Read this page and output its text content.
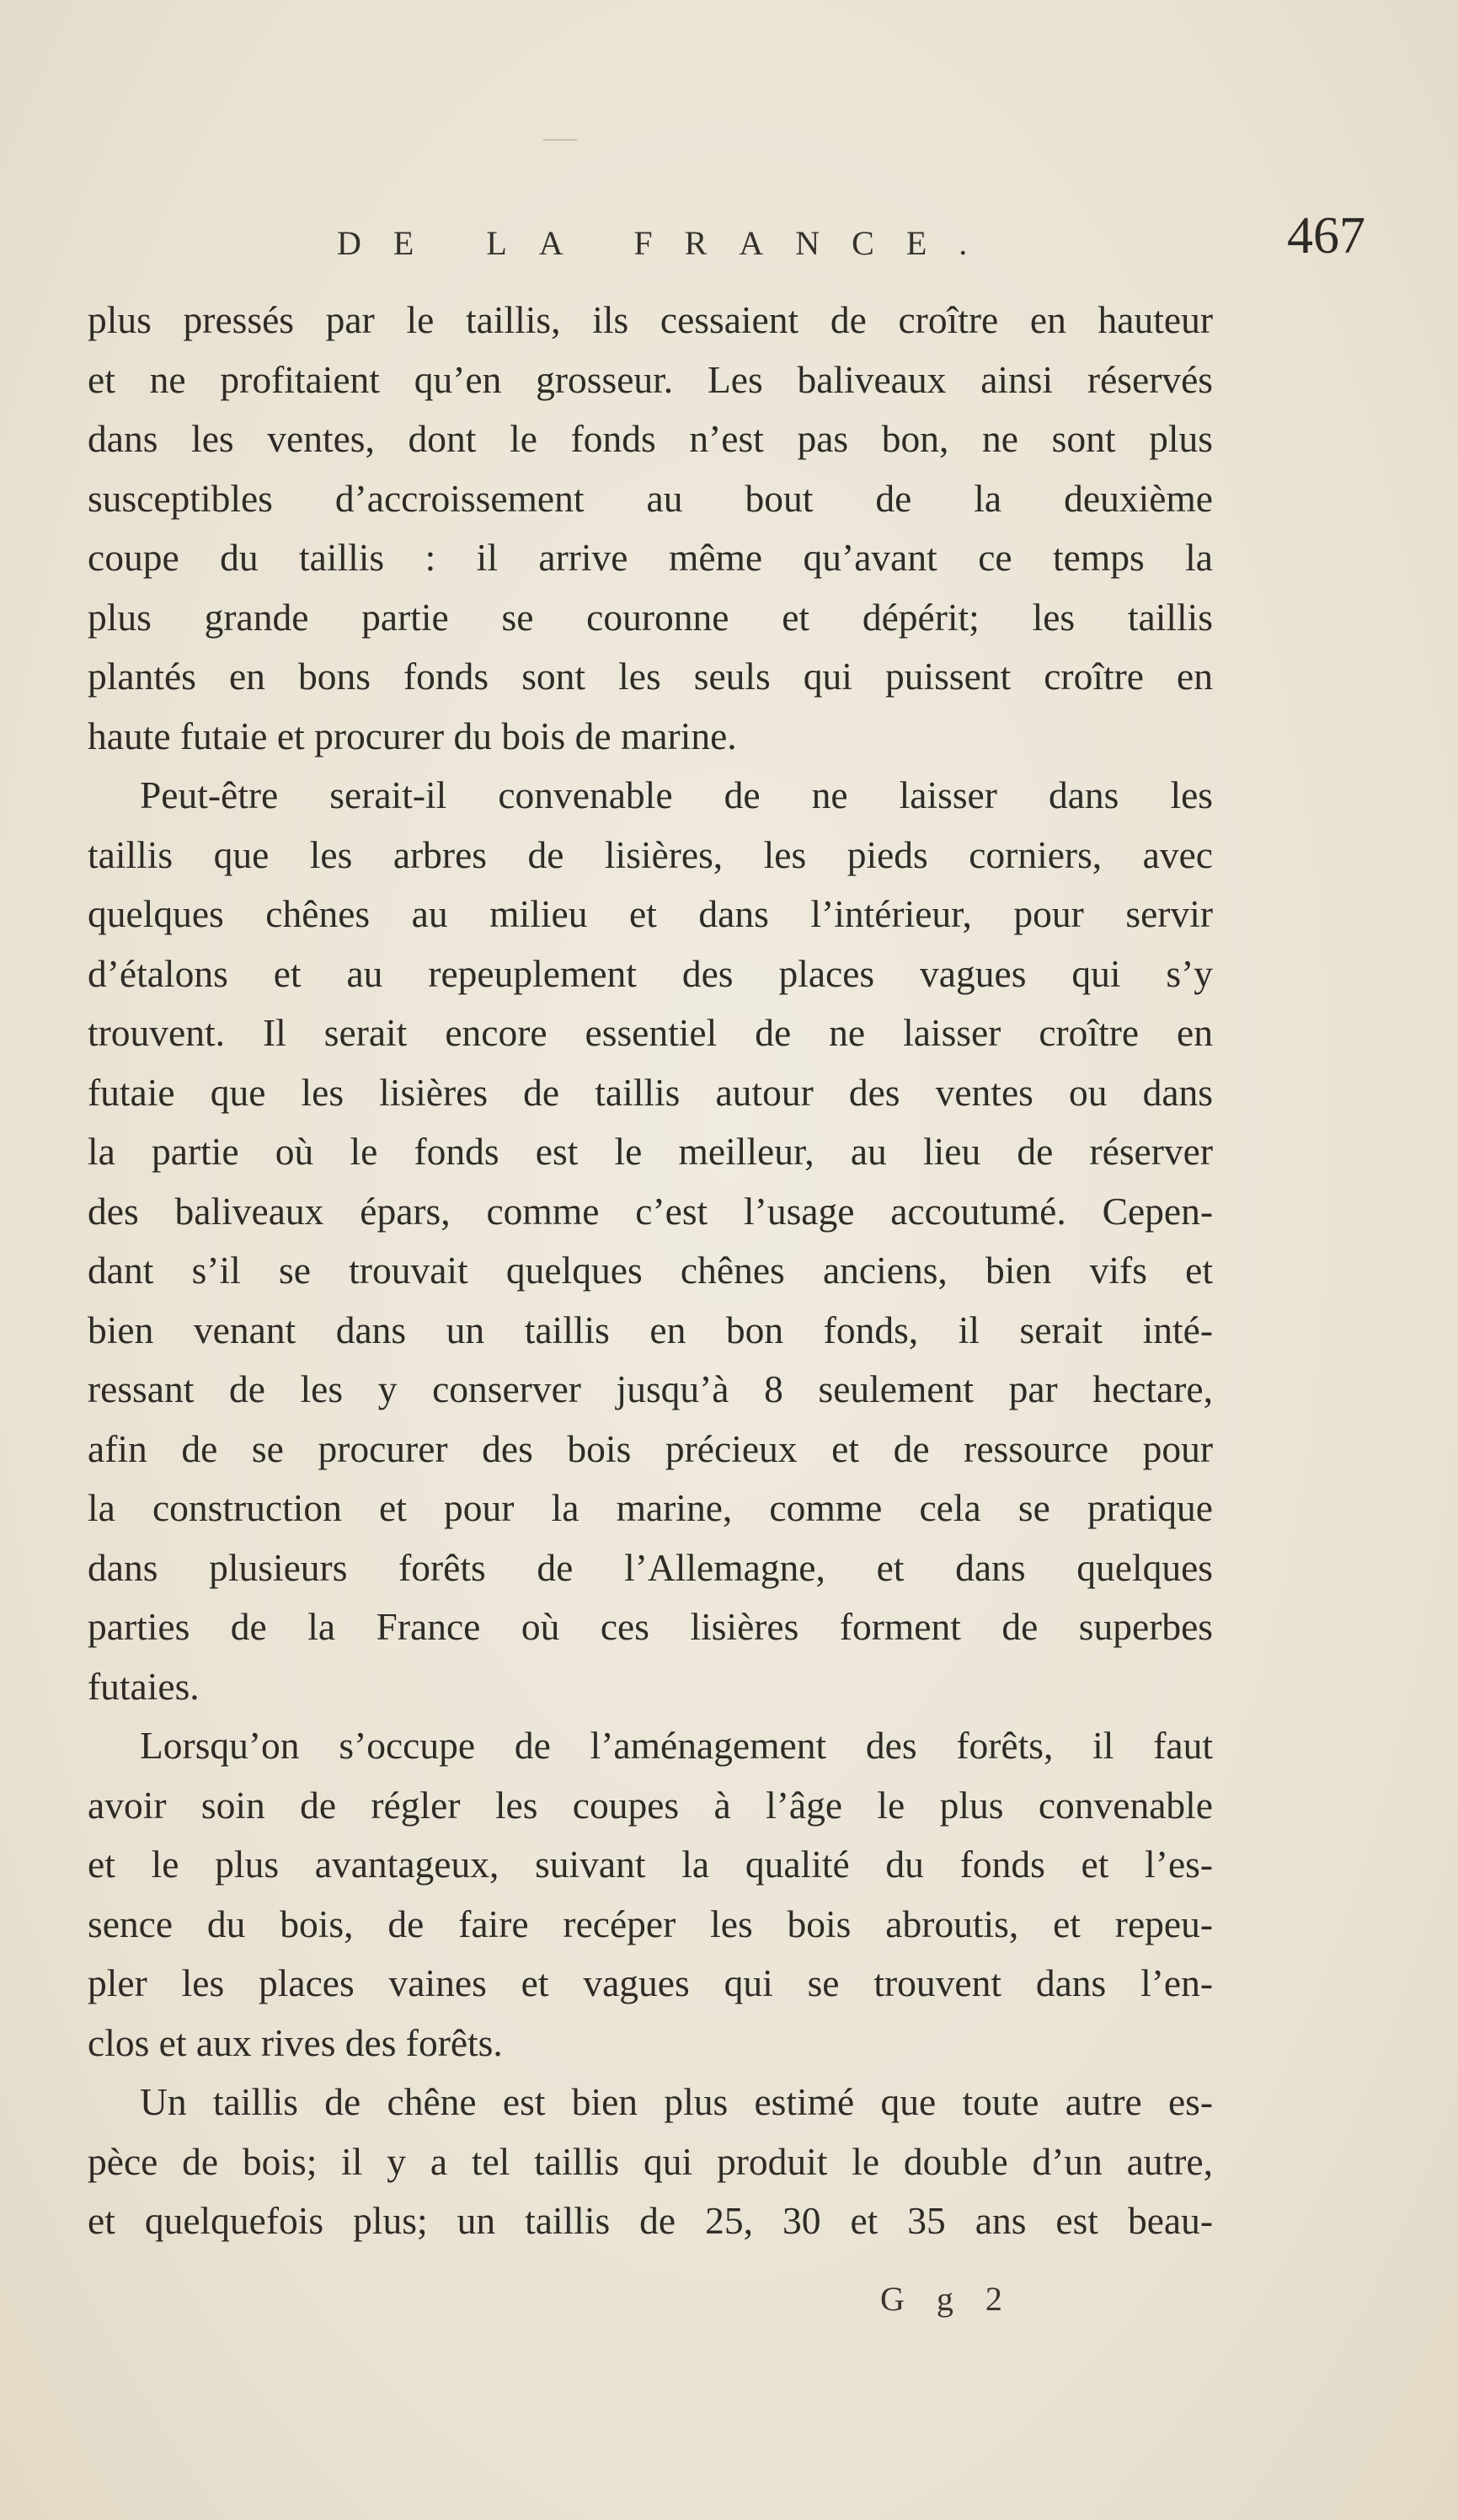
DE LA FRANCE.	467
plus pressés par le taillis, ils cessaient de croître en hauteur
et ne profitaient qu’en grosseur. Les baliveaux ainsi réservés
dans les ventes, dont le fonds n’est pas bon, ne sont plus
susceptibles d’accroissement au bout de la deuxième
coupe du taillis : il arrive même qu’avant ce temps la
plus grande partie se couronne et dépérit; les taillis
plantés en bons fonds sont les seuls qui puissent croître en
haute futaie et procurer du bois de marine.
Peut-être serait-il convenable de ne laisser dans les
taillis que les arbres de lisières, les pieds corniers, avec
quelques chênes au milieu et dans l’intérieur, pour servir
d’étalons et au repeuplement des places vagues qui s’y
trouvent. Il serait encore essentiel de ne laisser croître en
futaie que les lisières de taillis autour des ventes ou dans
la partie où le fonds est le meilleur, au lieu de réserver
des baliveaux épars, comme c’est l’usage accoutumé. Cepen-
dant s’il se trouvait quelques chênes anciens, bien vifs et
bien venant dans un taillis en bon fonds, il serait inté-
ressant de les y conserver jusqu’à 8 seulement par hectare,
afin de se procurer des bois précieux et de ressource pour
la construction et pour la marine, comme cela se pratique
dans plusieurs forêts de l’Allemagne, et dans quelques
parties de la France où ces lisières forment de superbes
futaies.
Lorsqu’on s’occupe de l’aménagement des forêts, il faut
avoir soin de régler les coupes à l’âge le plus convenable
et le plus avantageux, suivant la qualité du fonds et l’es-
sence du bois, de faire recéper les bois abroutis, et repeu-
pler les places vaines et vagues qui se trouvent dans l’en-
clos et aux rives des forêts.
Un taillis de chêne est bien plus estimé que toute autre es-
pèce de bois; il y a tel taillis qui produit le double d’un autre,
et quelquefois plus; un taillis de 25, 30 et 35 ans est beau-
G g 2
